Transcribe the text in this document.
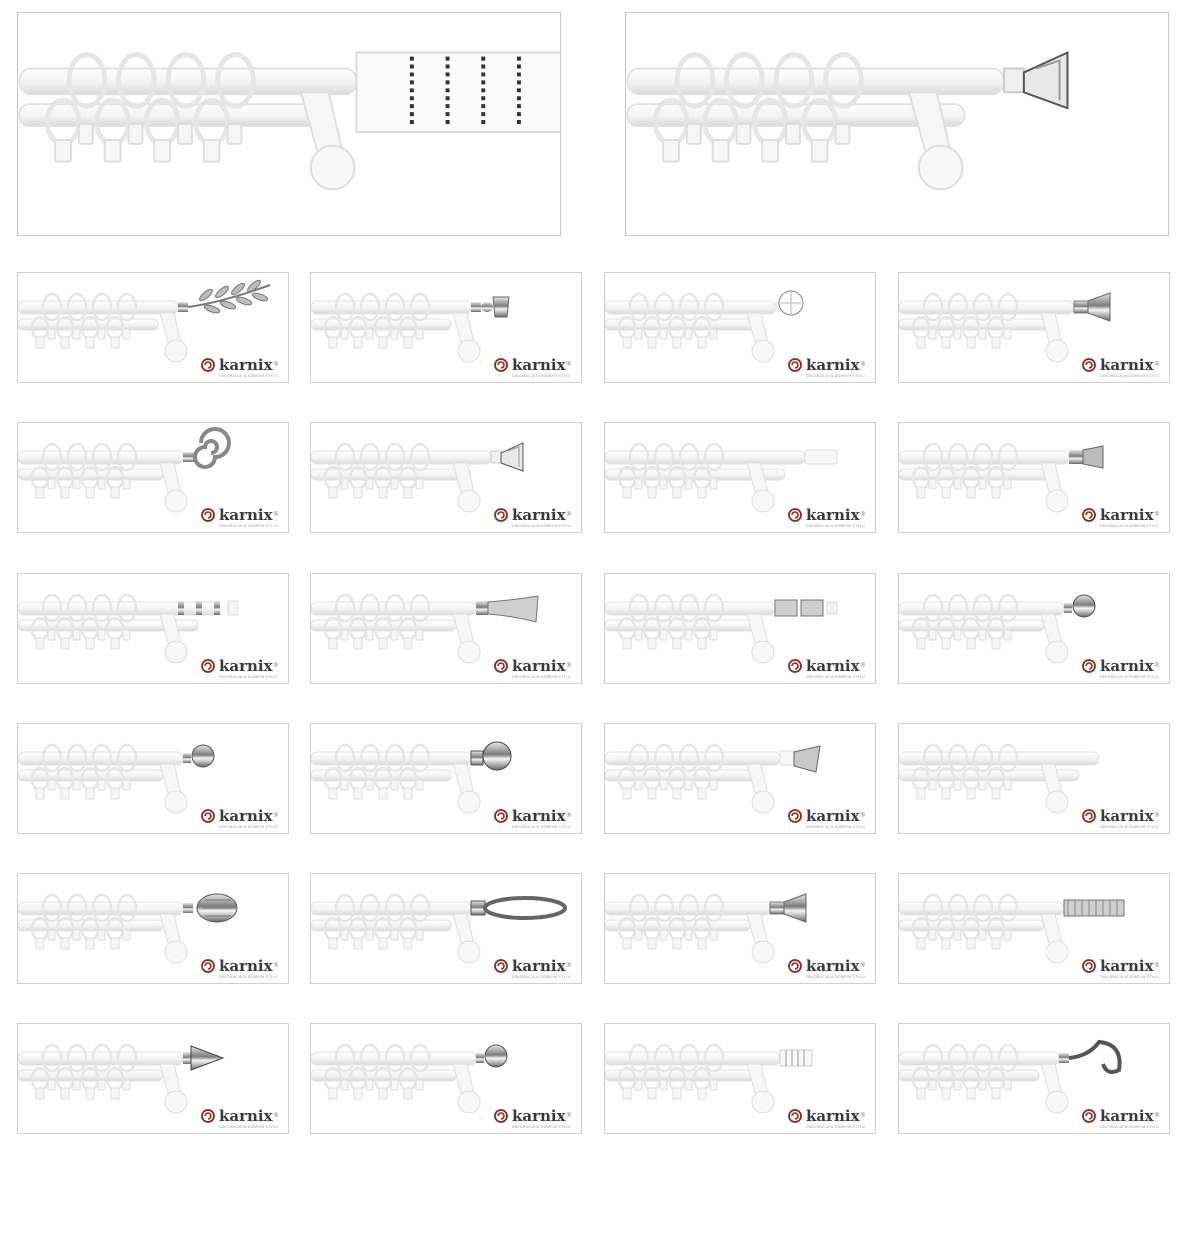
karnix ®
DEKORACJA W DOBRYM STYLU
karnix ®
DEKORACJA W DOBRYM STYLU
karnix ®
DEKORACJA W DOBRYM STYLU
karnix ®
DEKORACJA W DOBRYM STYLU
karnix ®
DEKORACJA W DOBRYM STYLU
karnix ®
DEKORACJA W DOBRYM STYLU
karnix ®
DEKORACJA W DOBRYM STYLU
karnix ®
DEKORACJA W DOBRYM STYLU
karnix ®
DEKORACJA W DOBRYM STYLU
karnix ®
DEKORACJA W DOBRYM STYLU
karnix ®
DEKORACJA W DOBRYM STYLU
karnix ®
DEKORACJA W DOBRYM STYLU
karnix ®
DEKORACJA W DOBRYM STYLU
karnix ®
DEKORACJA W DOBRYM STYLU
karnix ®
DEKORACJA W DOBRYM STYLU
karnix ®
DEKORACJA W DOBRYM STYLU
karnix ®
DEKORACJA W DOBRYM STYLU
karnix ®
DEKORACJA W DOBRYM STYLU
karnix ®
DEKORACJA W DOBRYM STYLU
karnix ®
DEKORACJA W DOBRYM STYLU
karnix ®
DEKORACJA W DOBRYM STYLU
karnix ®
DEKORACJA W DOBRYM STYLU
karnix ®
DEKORACJA W DOBRYM STYLU
karnix ®
DEKORACJA W DOBRYM STYLU
